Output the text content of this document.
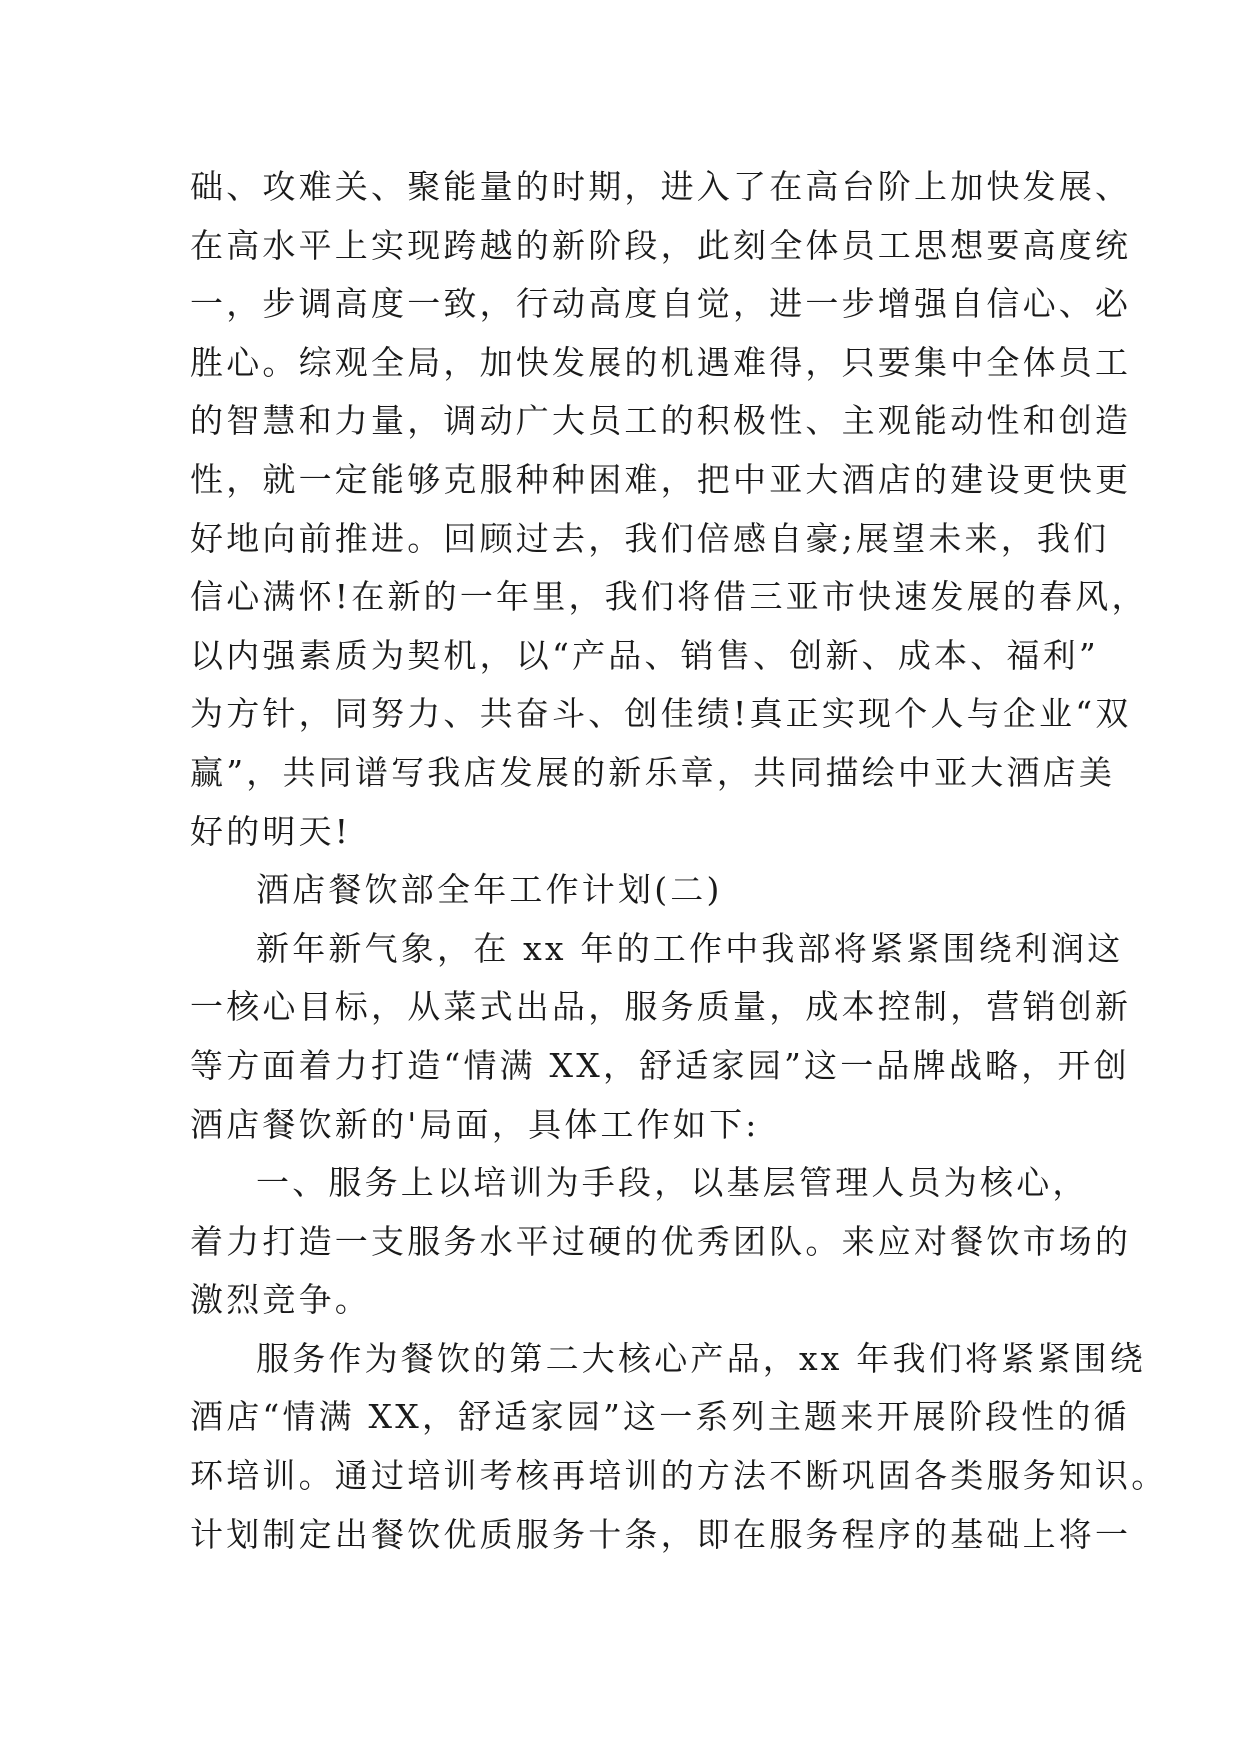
础、攻难关、聚能量的时期，进入了在高台阶上加快发展、
在高水平上实现跨越的新阶段，此刻全体员工思想要高度统
一，步调高度一致，行动高度自觉，进一步增强自信心、必
胜心。综观全局，加快发展的机遇难得，只要集中全体员工
的智慧和力量，调动广大员工的积极性、主观能动性和创造
性，就一定能够克服种种困难，把中亚大酒店的建设更快更
好地向前推进。回顾过去，我们倍感自豪;展望未来，我们
信心满怀!在新的一年里，我们将借三亚市快速发展的春风，
以内强素质为契机，以“产品、销售、创新、成本、福利”
为方针，同努力、共奋斗、创佳绩!真正实现个人与企业“双
赢”，共同谱写我店发展的新乐章，共同描绘中亚大酒店美
好的明天!
酒店餐饮部全年工作计划(二)
新年新气象，在 xx 年的工作中我部将紧紧围绕利润这
一核心目标，从菜式出品，服务质量，成本控制，营销创新
等方面着力打造“情满 XX，舒适家园”这一品牌战略，开创
酒店餐饮新的'局面，具体工作如下:
一、服务上以培训为手段，以基层管理人员为核心，
着力打造一支服务水平过硬的优秀团队。来应对餐饮市场的
激烈竞争。
服务作为餐饮的第二大核心产品，xx 年我们将紧紧围绕
酒店“情满 XX，舒适家园”这一系列主题来开展阶段性的循
环培训。通过培训考核再培训的方法不断巩固各类服务知识。
计划制定出餐饮优质服务十条，即在服务程序的基础上将一
